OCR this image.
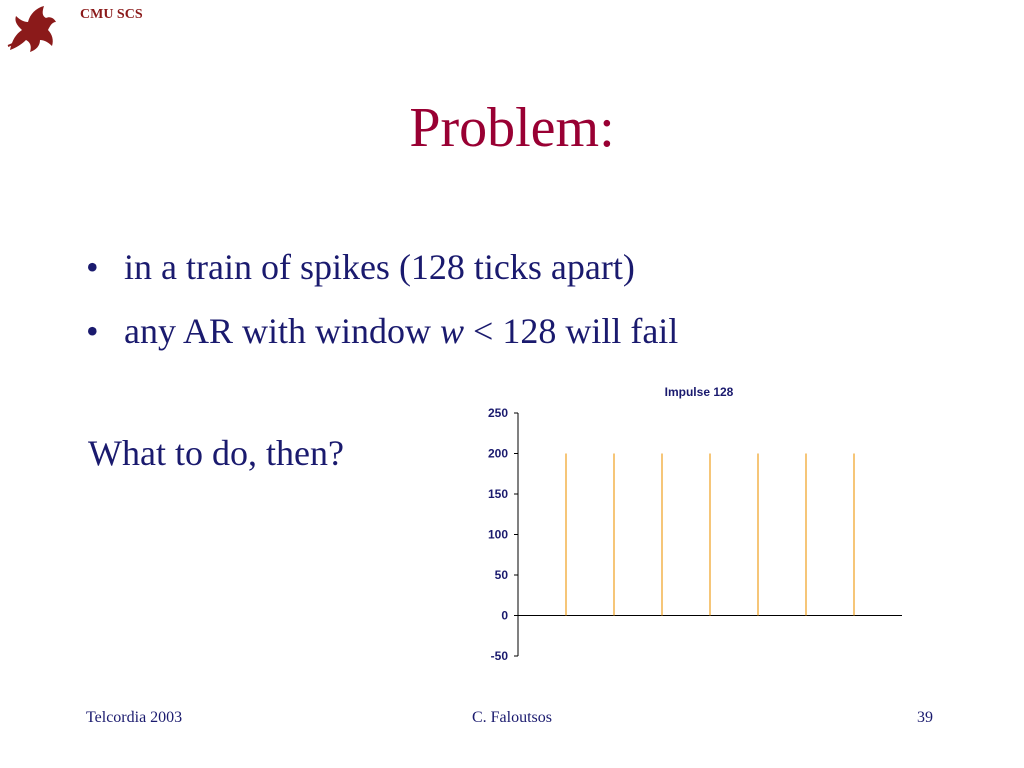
CMU SCS
Problem:
• in a train of spikes (128 ticks apart)
• any AR with window w < 128 will fail
What to do, then?
Impulse 128
250
200
150
100
50
0
-50
Telcordia 2003	C. Faloutsos	39
